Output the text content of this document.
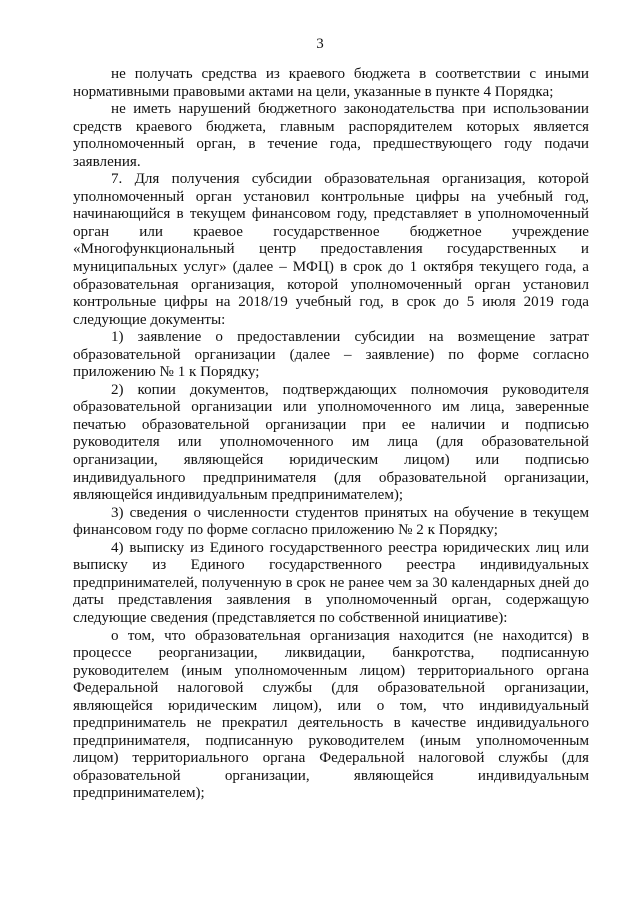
3

не получать средства из краевого бюджета в соответствии с иными нормативными правовыми актами на цели, указанные в пункте 4 Порядка;

не иметь нарушений бюджетного законодательства при использовании средств краевого бюджета, главным распорядителем которых является уполномоченный орган, в течение года, предшествующего году подачи заявления.

7. Для получения субсидии образовательная организация, которой уполномоченный орган установил контрольные цифры на учебный год, начинающийся в текущем финансовом году, представляет в уполномоченный орган или краевое государственное бюджетное учреждение «Многофункциональный центр предоставления государственных и муниципальных услуг» (далее – МФЦ) в срок до 1 октября текущего года, а образовательная организация, которой уполномоченный орган установил контрольные цифры на 2018/19 учебный год, в срок до 5 июля 2019 года следующие документы:

1) заявление о предоставлении субсидии на возмещение затрат образовательной организации (далее – заявление) по форме согласно приложению № 1 к Порядку;

2) копии документов, подтверждающих полномочия руководителя образовательной организации или уполномоченного им лица, заверенные печатью образовательной организации при ее наличии и подписью руководителя или уполномоченного им лица (для образовательной организации, являющейся юридическим лицом) или подписью индивидуального предпринимателя (для образовательной организации, являющейся индивидуальным предпринимателем);

3) сведения о численности студентов принятых на обучение в текущем финансовом году по форме согласно приложению № 2 к Порядку;

4) выписку из Единого государственного реестра юридических лиц или выписку из Единого государственного реестра индивидуальных предпринимателей, полученную в срок не ранее чем за 30 календарных дней до даты представления заявления в уполномоченный орган, содержащую следующие сведения (представляется по собственной инициативе):

о том, что образовательная организация находится (не находится) в процессе реорганизации, ликвидации, банкротства, подписанную руководителем (иным уполномоченным лицом) территориального органа Федеральной налоговой службы (для образовательной организации, являющейся юридическим лицом), или о том, что индивидуальный предприниматель не прекратил деятельность в качестве индивидуального предпринимателя, подписанную руководителем (иным уполномоченным лицом) территориального органа Федеральной налоговой службы (для образовательной организации, являющейся индивидуальным предпринимателем);
